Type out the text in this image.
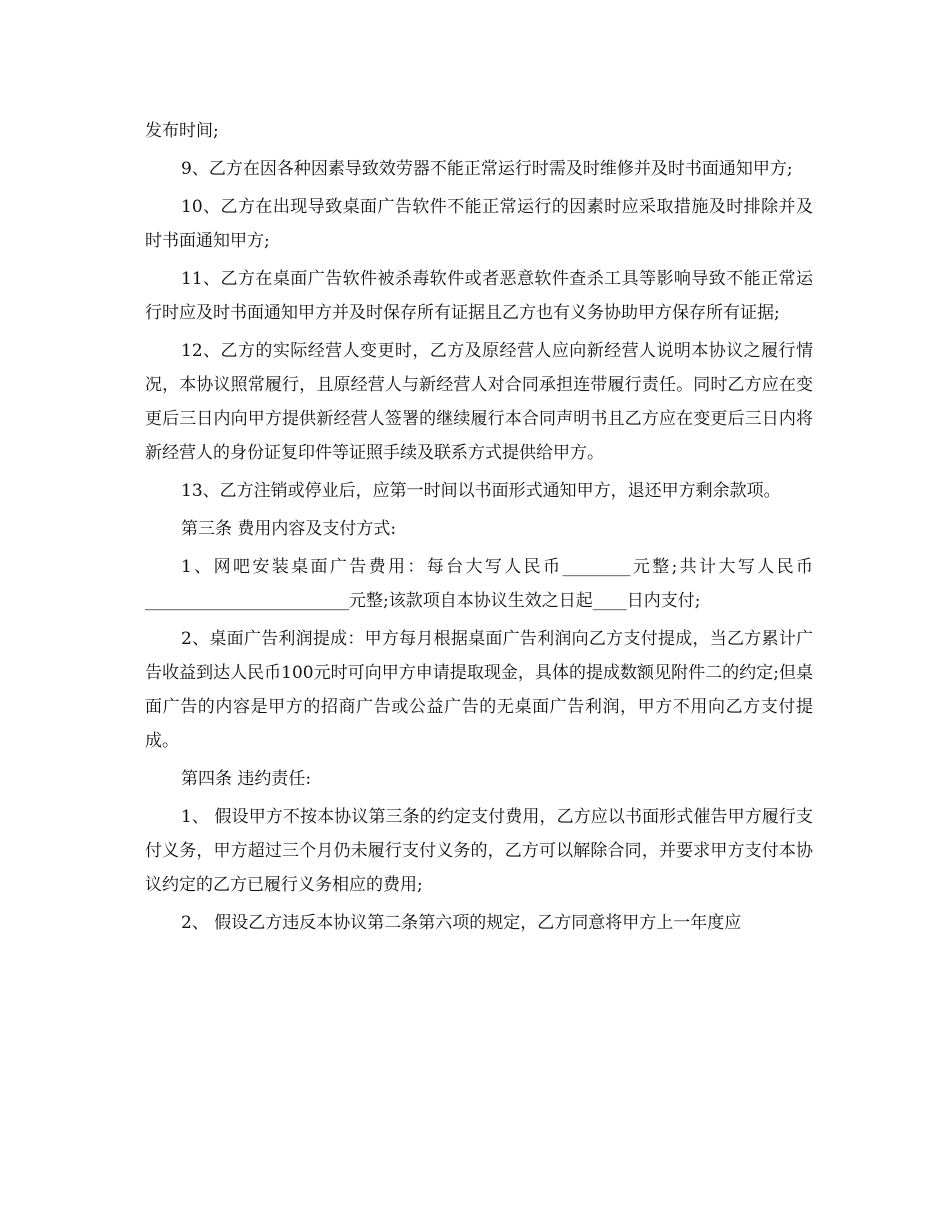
发布时间;

9、乙方在因各种因素导致效劳器不能正常运行时需及时维修并及时书面通知甲方;

10、乙方在出现导致桌面广告软件不能正常运行的因素时应采取措施及时排除并及时书面通知甲方;

11、乙方在桌面广告软件被杀毒软件或者恶意软件查杀工具等影响导致不能正常运行时应及时书面通知甲方并及时保存所有证据且乙方也有义务协助甲方保存所有证据;

12、乙方的实际经营人变更时，乙方及原经营人应向新经营人说明本协议之履行情况，本协议照常履行，且原经营人与新经营人对合同承担连带履行责任。同时乙方应在变更后三日内向甲方提供新经营人签署的继续履行本合同声明书且乙方应在变更后三日内将新经营人的身份证复印件等证照手续及联系方式提供给甲方。

13、乙方注销或停业后，应第一时间以书面形式通知甲方，退还甲方剩余款项。

第三条 费用内容及支付方式:

1、网吧安装桌面广告费用：每台大写人民币________元整;共计大写人民币________________________元整;该款项自本协议生效之日起____日内支付;

2、桌面广告利润提成：甲方每月根据桌面广告利润向乙方支付提成，当乙方累计广告收益到达人民币100元时可向甲方申请提取现金，具体的提成数额见附件二的约定;但桌面广告的内容是甲方的招商广告或公益广告的无桌面广告利润，甲方不用向乙方支付提成。

第四条 违约责任:

1、 假设甲方不按本协议第三条的约定支付费用，乙方应以书面形式催告甲方履行支付义务，甲方超过三个月仍未履行支付义务的，乙方可以解除合同，并要求甲方支付本协议约定的乙方已履行义务相应的费用;

2、 假设乙方违反本协议第二条第六项的规定，乙方同意将甲方上一年度应
